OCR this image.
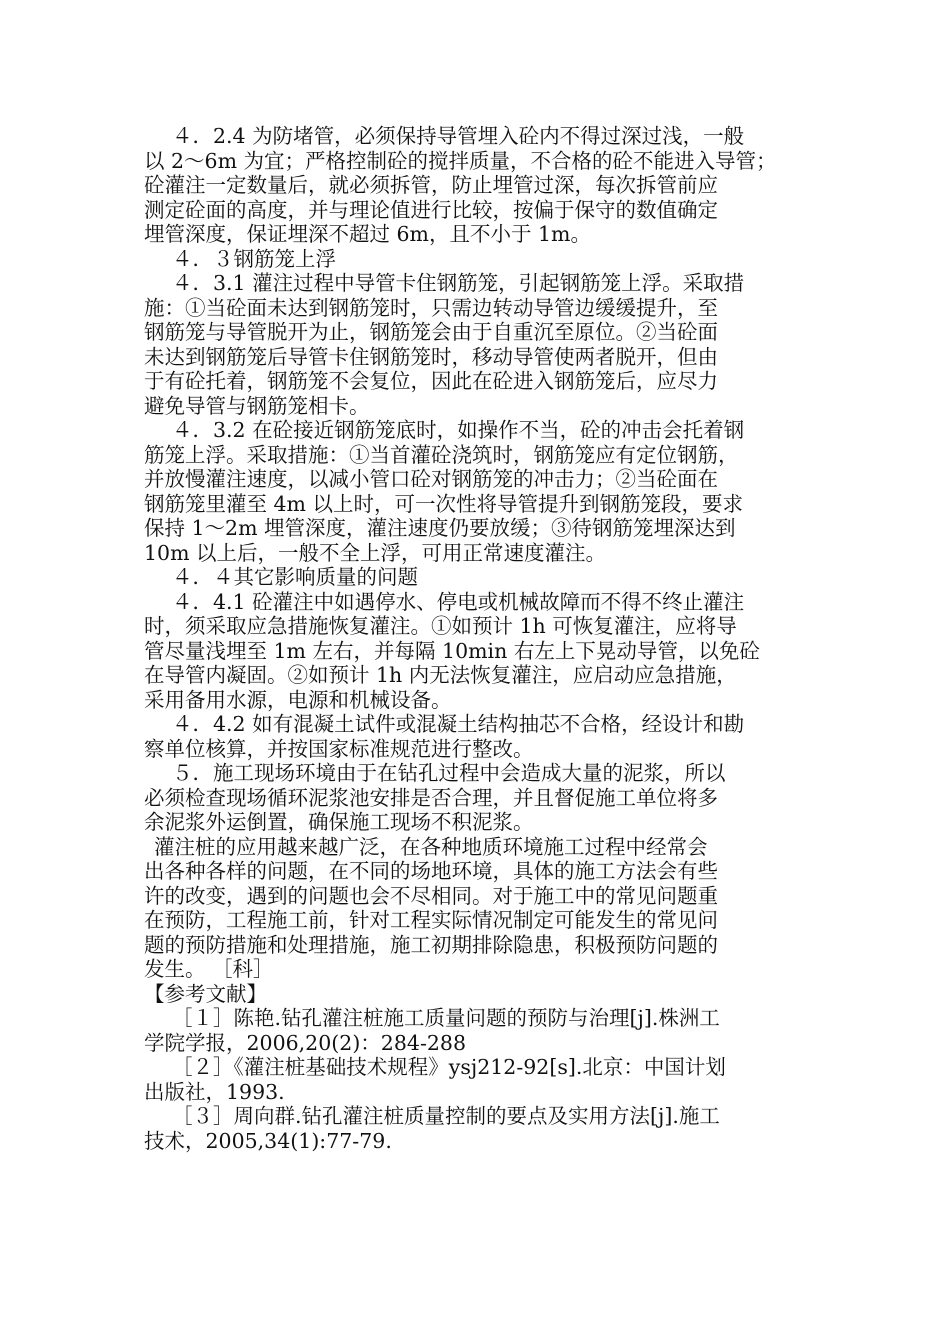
４．2.4 为防堵管，必须保持导管埋入砼内不得过深过浅，一般
以 2～6m 为宜；严格控制砼的搅拌质量，不合格的砼不能进入导管；
砼灌注一定数量后，就必须拆管，防止埋管过深，每次拆管前应
测定砼面的高度，并与理论值进行比较，按偏于保守的数值确定
埋管深度，保证埋深不超过 6m，且不小于 1m。
４．３钢筋笼上浮
４．3.1 灌注过程中导管卡住钢筋笼，引起钢筋笼上浮。采取措
施：①当砼面未达到钢筋笼时，只需边转动导管边缓缓提升，至
钢筋笼与导管脱开为止，钢筋笼会由于自重沉至原位。②当砼面
未达到钢筋笼后导管卡住钢筋笼时，移动导管使两者脱开，但由
于有砼托着，钢筋笼不会复位，因此在砼进入钢筋笼后，应尽力
避免导管与钢筋笼相卡。
４．3.2 在砼接近钢筋笼底时，如操作不当，砼的冲击会托着钢
筋笼上浮。采取措施：①当首灌砼浇筑时，钢筋笼应有定位钢筋，
并放慢灌注速度，以减小管口砼对钢筋笼的冲击力；②当砼面在
钢筋笼里灌至 4m 以上时，可一次性将导管提升到钢筋笼段，要求
保持 1～2m 埋管深度，灌注速度仍要放缓；③待钢筋笼埋深达到
10m 以上后，一般不全上浮，可用正常速度灌注。
４．４其它影响质量的问题
４．4.1 砼灌注中如遇停水、停电或机械故障而不得不终止灌注
时，须采取应急措施恢复灌注。①如预计 1h 可恢复灌注，应将导
管尽量浅埋至 1m 左右，并每隔 10min 右左上下晃动导管，以免砼
在导管内凝固。②如预计 1h 内无法恢复灌注，应启动应急措施，
采用备用水源，电源和机械设备。
４．4.2 如有混凝土试件或混凝土结构抽芯不合格，经设计和勘
察单位核算，并按国家标准规范进行整改。
５．施工现场环境由于在钻孔过程中会造成大量的泥浆，所以
必须检查现场循环泥浆池安排是否合理，并且督促施工单位将多
余泥浆外运倒置，确保施工现场不积泥浆。
灌注桩的应用越来越广泛，在各种地质环境施工过程中经常会
出各种各样的问题，在不同的场地环境，具体的施工方法会有些
许的改变，遇到的问题也会不尽相同。对于施工中的常见问题重
在预防，工程施工前，针对工程实际情况制定可能发生的常见问
题的预防措施和处理措施，施工初期排除隐患，积极预防问题的
发生。 ［科］
【参考文献】
［１］陈艳.钻孔灌注桩施工质量问题的预防与治理[j].株洲工
学院学报，2006,20(2)：284-288
［２］《灌注桩基础技术规程》ysj212-92[s].北京：中国计划
出版社，1993.
［３］周向群.钻孔灌注桩质量控制的要点及实用方法[j].施工
技术，2005,34(1):77-79.
